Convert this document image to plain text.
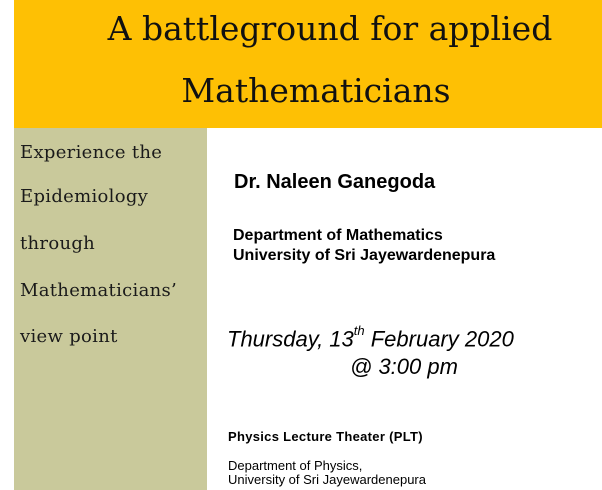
A battleground for applied
Mathematicians
Experience the
Epidemiology
through
Mathematicians’
view point
Dr. Naleen Ganegoda
Department of Mathematics
University of Sri Jayewardenepura
Thursday, 13th February 2020
@ 3:00 pm
Physics Lecture Theater (PLT)
Department of Physics,
University of Sri Jayewardenepura
